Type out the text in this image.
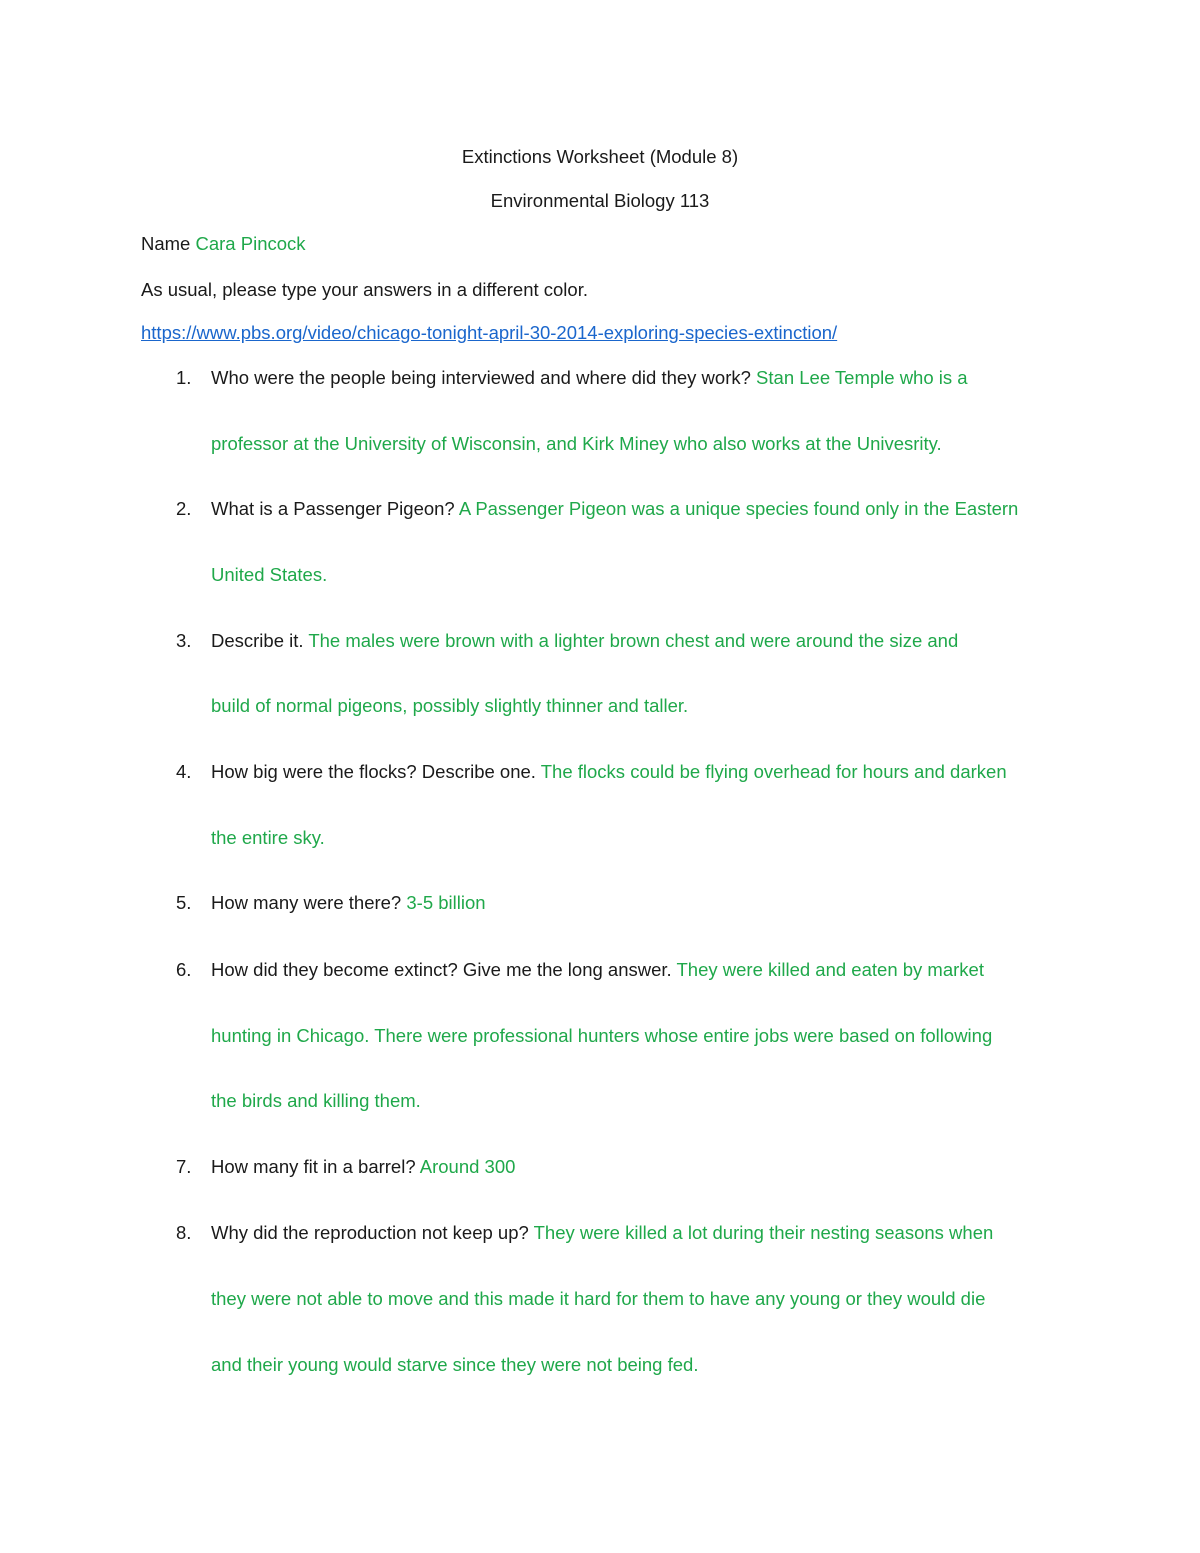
Extinctions Worksheet (Module 8)
Environmental Biology 113
Name Cara Pincock
As usual, please type your answers in a different color.
https://www.pbs.org/video/chicago-tonight-april-30-2014-exploring-species-extinction/
1.	Who were the people being interviewed and where did they work? Stan Lee Temple who is a
professor at the University of Wisconsin, and Kirk Miney who also works at the Univesrity.
2.	What is a Passenger Pigeon? A Passenger Pigeon was a unique species found only in the Eastern
United States.
3.	Describe it. The males were brown with a lighter brown chest and were around the size and
build of normal pigeons, possibly slightly thinner and taller.
4.	How big were the flocks? Describe one. The flocks could be flying overhead for hours and darken
the entire sky.
5.	How many were there? 3-5 billion
6.	How did they become extinct? Give me the long answer. They were killed and eaten by market
hunting in Chicago. There were professional hunters whose entire jobs were based on following
the birds and killing them.
7.	How many fit in a barrel? Around 300
8.	Why did the reproduction not keep up? They were killed a lot during their nesting seasons when
they were not able to move and this made it hard for them to have any young or they would die
and their young would starve since they were not being fed.
